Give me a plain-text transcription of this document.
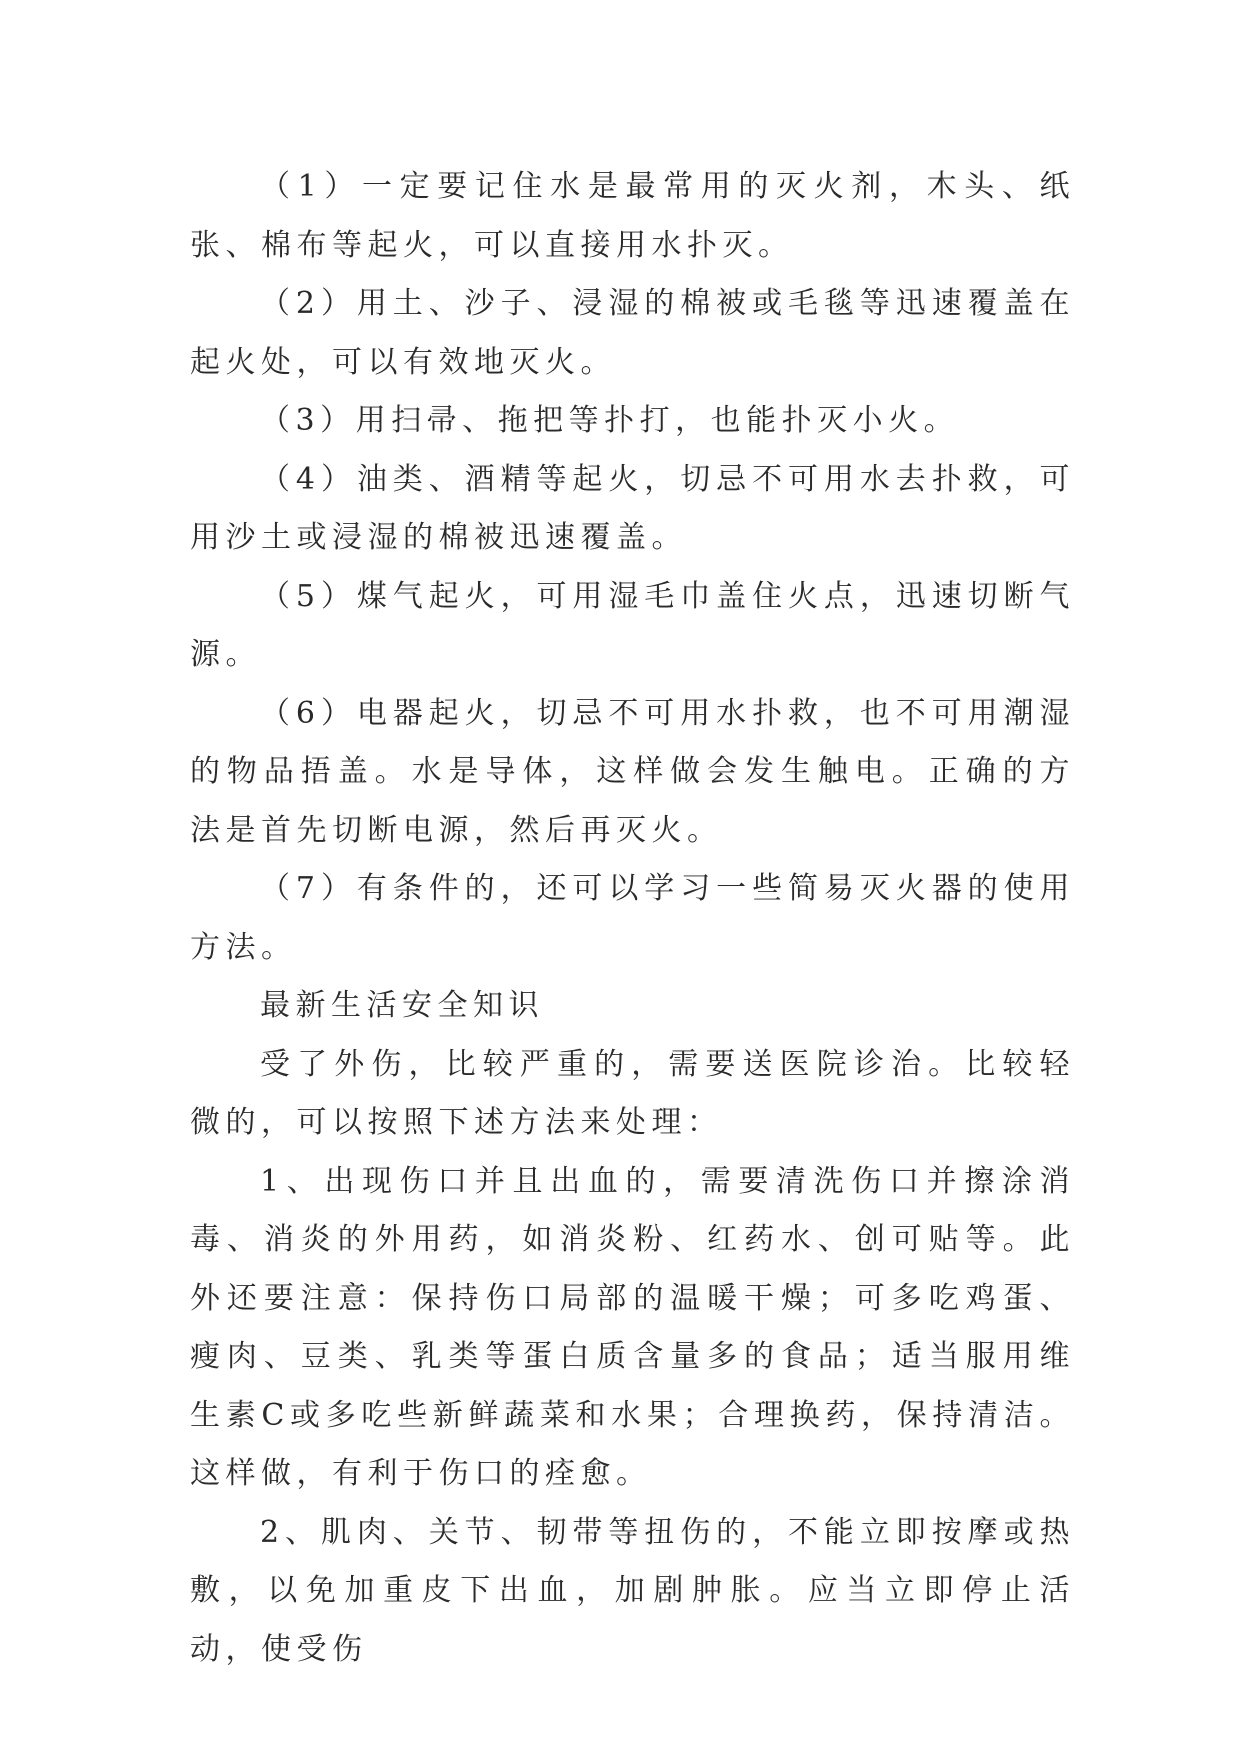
（1）一定要记住水是最常用的灭火剂，木头、纸张、棉布等起火，可以直接用水扑灭。

（2）用土、沙子、浸湿的棉被或毛毯等迅速覆盖在起火处，可以有效地灭火。

（3）用扫帚、拖把等扑打，也能扑灭小火。

（4）油类、酒精等起火，切忌不可用水去扑救，可用沙土或浸湿的棉被迅速覆盖。

（5）煤气起火，可用湿毛巾盖住火点，迅速切断气源。

（6）电器起火，切忌不可用水扑救，也不可用潮湿的物品捂盖。水是导体，这样做会发生触电。正确的方法是首先切断电源，然后再灭火。

（7）有条件的，还可以学习一些简易灭火器的使用方法。

最新生活安全知识

受了外伤，比较严重的，需要送医院诊治。比较轻微的，可以按照下述方法来处理：

1、出现伤口并且出血的，需要清洗伤口并擦涂消毒、消炎的外用药，如消炎粉、红药水、创可贴等。此外还要注意：保持伤口局部的温暖干燥；可多吃鸡蛋、瘦肉、豆类、乳类等蛋白质含量多的食品；适当服用维生素C或多吃些新鲜蔬菜和水果；合理换药，保持清洁。这样做，有利于伤口的痊愈。

2、肌肉、关节、韧带等扭伤的，不能立即按摩或热敷，以免加重皮下出血，加剧肿胀。应当立即停止活动，使受伤
